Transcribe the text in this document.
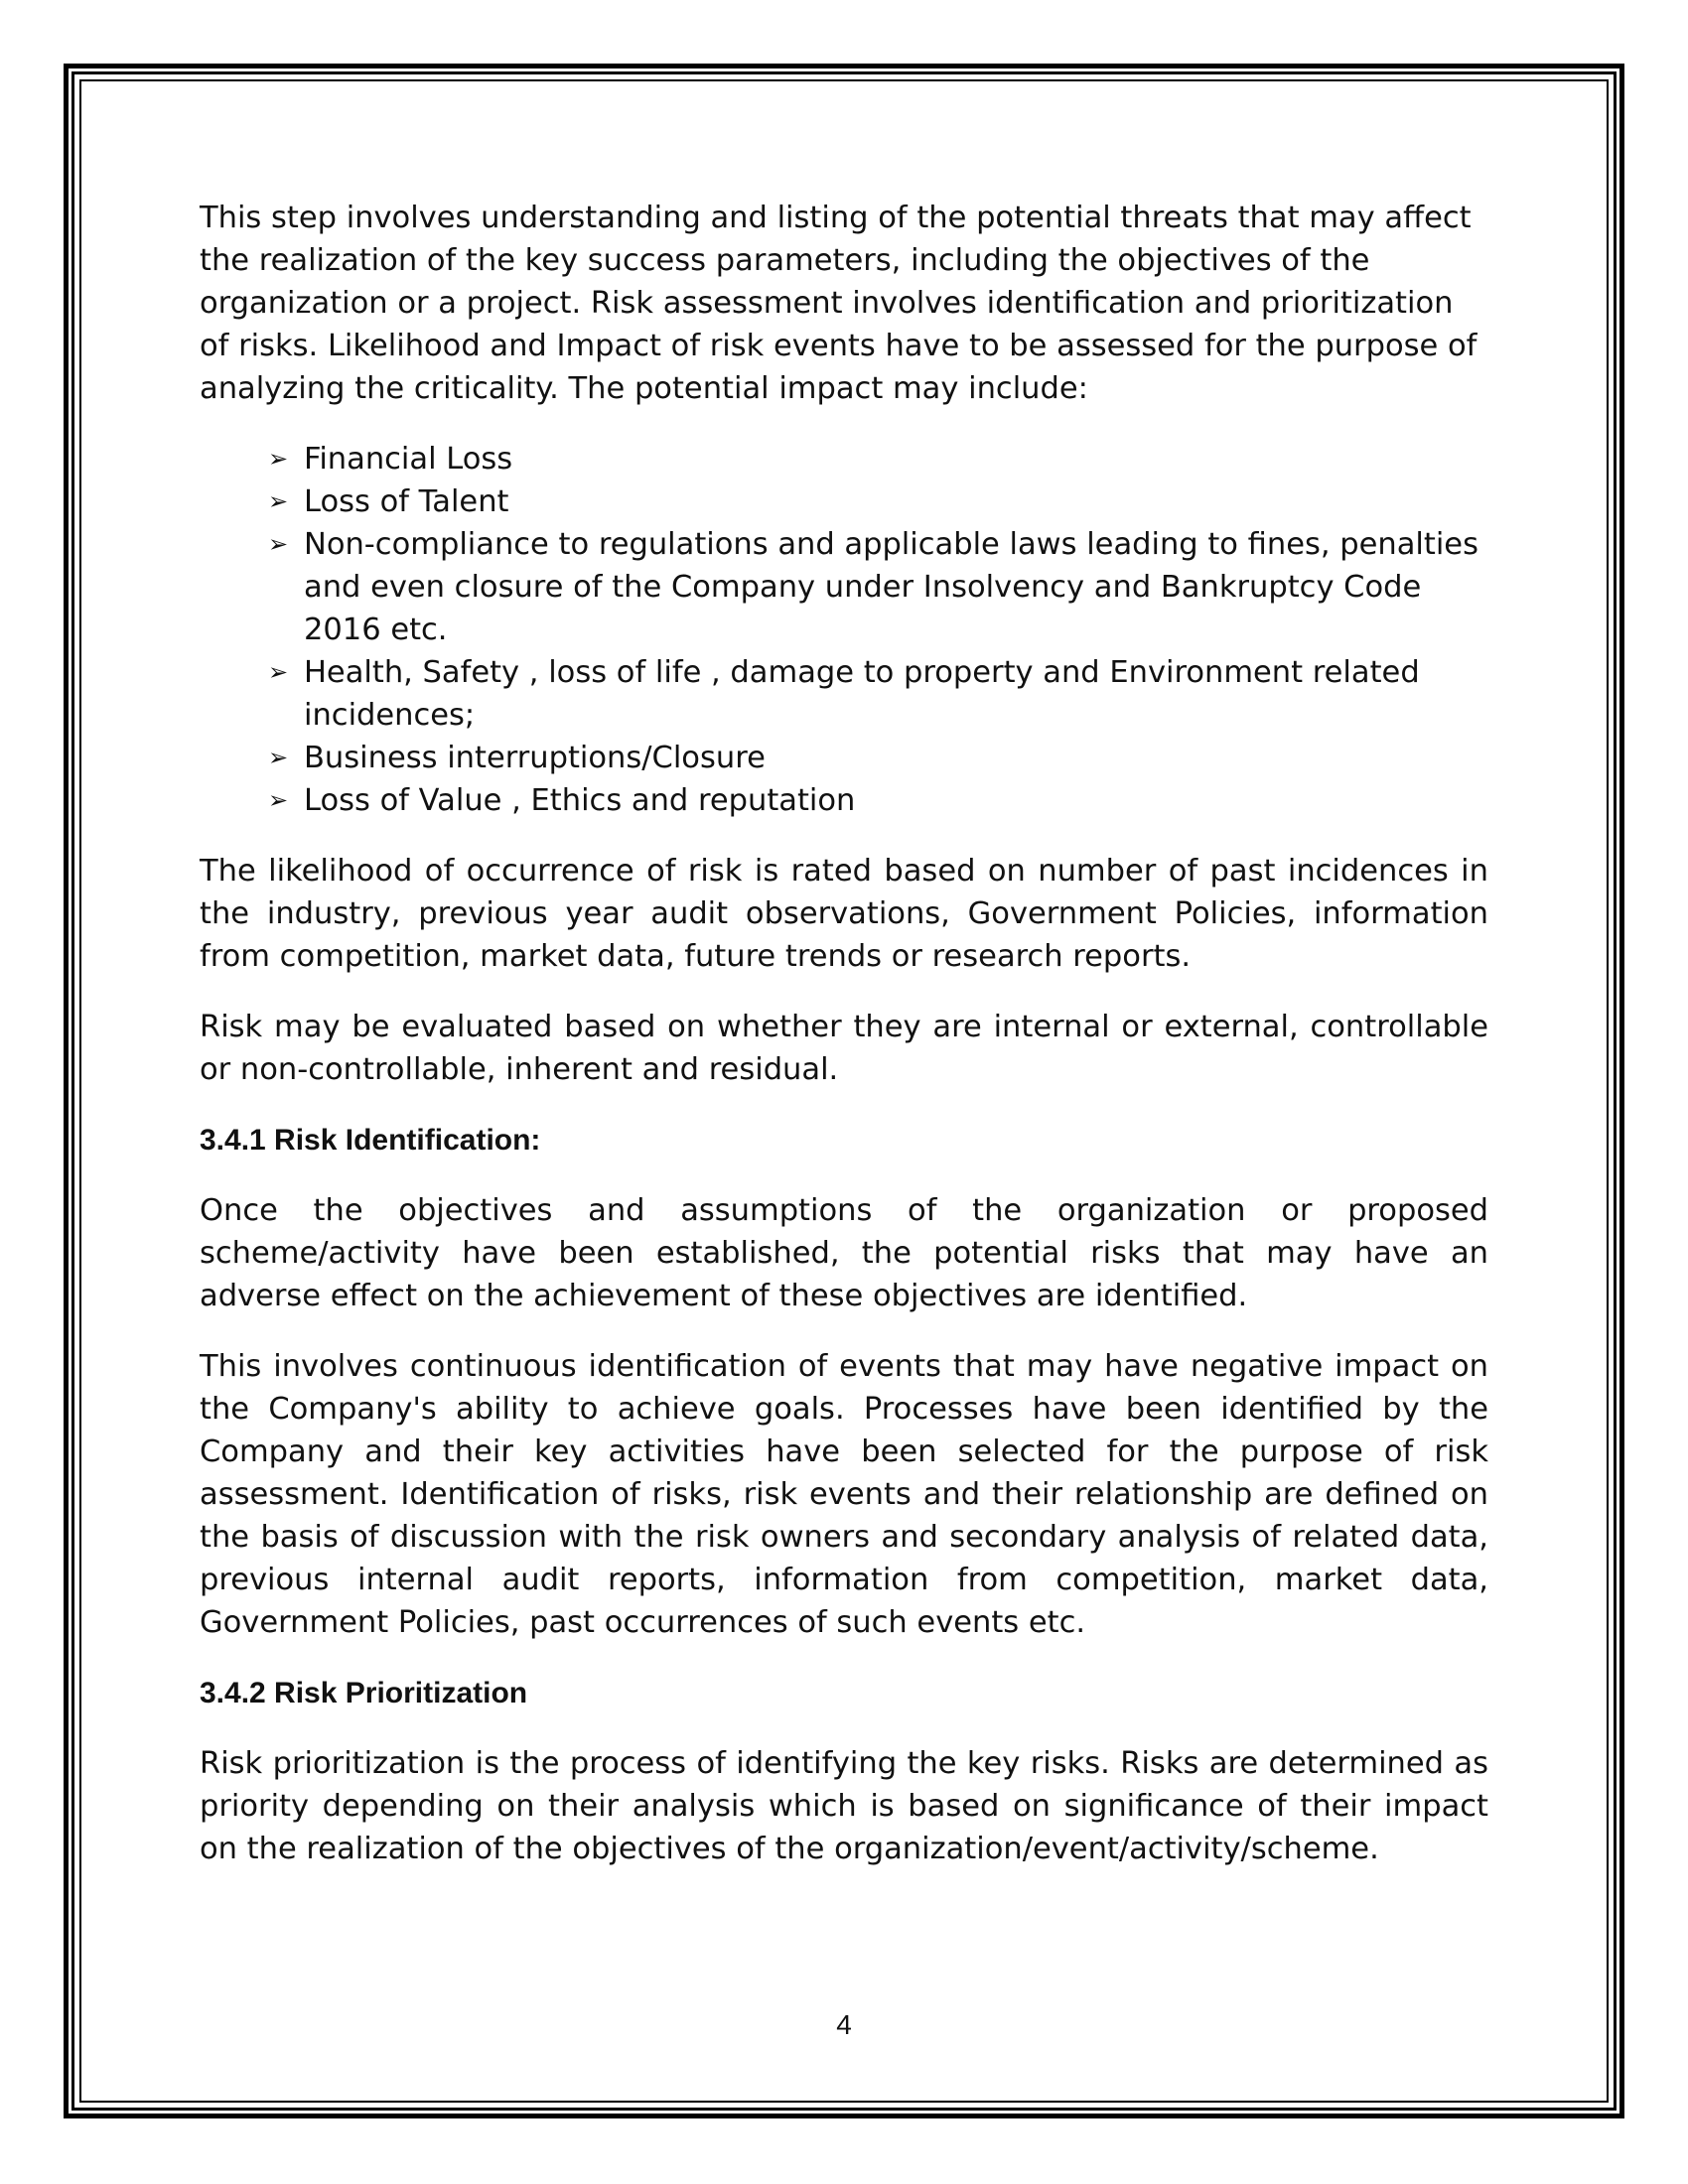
This step involves understanding and listing of the potential threats that may affect the realization of the key success parameters, including the objectives of the organization or a project. Risk assessment involves identification and prioritization of risks. Likelihood and Impact of risk events have to be assessed for the purpose of analyzing the criticality. The potential impact may include:

➢ Financial Loss
➢ Loss of Talent
➢ Non-compliance to regulations and applicable laws leading to fines, penalties and even closure of the Company under Insolvency and Bankruptcy Code 2016 etc.
➢ Health, Safety , loss of life , damage to property and Environment related incidences;
➢ Business interruptions/Closure
➢ Loss of Value , Ethics and reputation

The likelihood of occurrence of risk is rated based on number of past incidences in the industry, previous year audit observations, Government Policies, information from competition, market data, future trends or research reports.

Risk may be evaluated based on whether they are internal or external, controllable or non-controllable, inherent and residual.

3.4.1 Risk Identification:

Once the objectives and assumptions of the organization or proposed scheme/activity have been established, the potential risks that may have an adverse effect on the achievement of these objectives are identified.

This involves continuous identification of events that may have negative impact on the Company's ability to achieve goals. Processes have been identified by the Company and their key activities have been selected for the purpose of risk assessment. Identification of risks, risk events and their relationship are defined on the basis of discussion with the risk owners and secondary analysis of related data, previous internal audit reports, information from competition, market data, Government Policies, past occurrences of such events etc.

3.4.2 Risk Prioritization

Risk prioritization is the process of identifying the key risks. Risks are determined as priority depending on their analysis which is based on significance of their impact on the realization of the objectives of the organization/event/activity/scheme.

4
